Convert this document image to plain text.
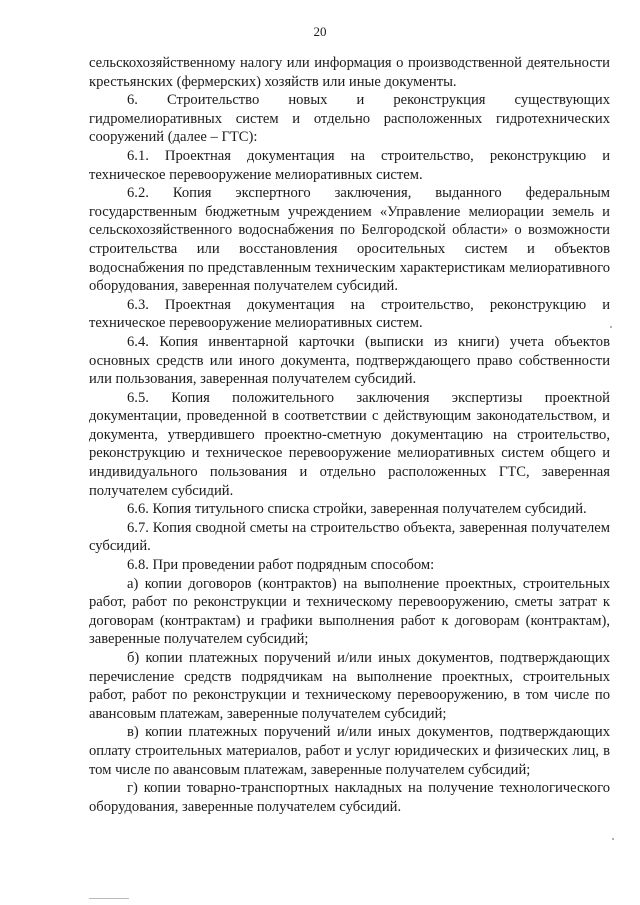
20

сельскохозяйственному налогу или информация о производственной деятельности крестьянских (фермерских) хозяйств или иные документы.

6. Строительство новых и реконструкция существующих гидромелиоративных систем и отдельно расположенных гидротехнических сооружений (далее – ГТС):

6.1. Проектная документация на строительство, реконструкцию и техническое перевооружение мелиоративных систем.

6.2. Копия экспертного заключения, выданного федеральным государственным бюджетным учреждением «Управление мелиорации земель и сельскохозяйственного водоснабжения по Белгородской области» о возможности строительства или восстановления оросительных систем и объектов водоснабжения по представленным техническим характеристикам мелиоративного оборудования, заверенная получателем субсидий.

6.3. Проектная документация на строительство, реконструкцию и техническое перевооружение мелиоративных систем.

6.4. Копия инвентарной карточки (выписки из книги) учета объектов основных средств или иного документа, подтверждающего право собственности или пользования, заверенная получателем субсидий.

6.5. Копия положительного заключения экспертизы проектной документации, проведенной в соответствии с действующим законодательством, и документа, утвердившего проектно-сметную документацию на строительство, реконструкцию и техническое перевооружение мелиоративных систем общего и индивидуального пользования и отдельно расположенных ГТС, заверенная получателем субсидий.

6.6. Копия титульного списка стройки, заверенная получателем субсидий.

6.7. Копия сводной сметы на строительство объекта, заверенная получателем субсидий.

6.8. При проведении работ подрядным способом:

а) копии договоров (контрактов) на выполнение проектных, строительных работ, работ по реконструкции и техническому перевооружению, сметы затрат к договорам (контрактам) и графики выполнения работ к договорам (контрактам), заверенные получателем субсидий;

б) копии платежных поручений и/или иных документов, подтверждающих перечисление средств подрядчикам на выполнение проектных, строительных работ, работ по реконструкции и техническому перевооружению, в том числе по авансовым платежам, заверенные получателем субсидий;

в) копии платежных поручений и/или иных документов, подтверждающих оплату строительных материалов, работ и услуг юридических и физических лиц, в том числе по авансовым платежам, заверенные получателем субсидий;

г) копии товарно-транспортных накладных на получение технологического оборудования, заверенные получателем субсидий.
